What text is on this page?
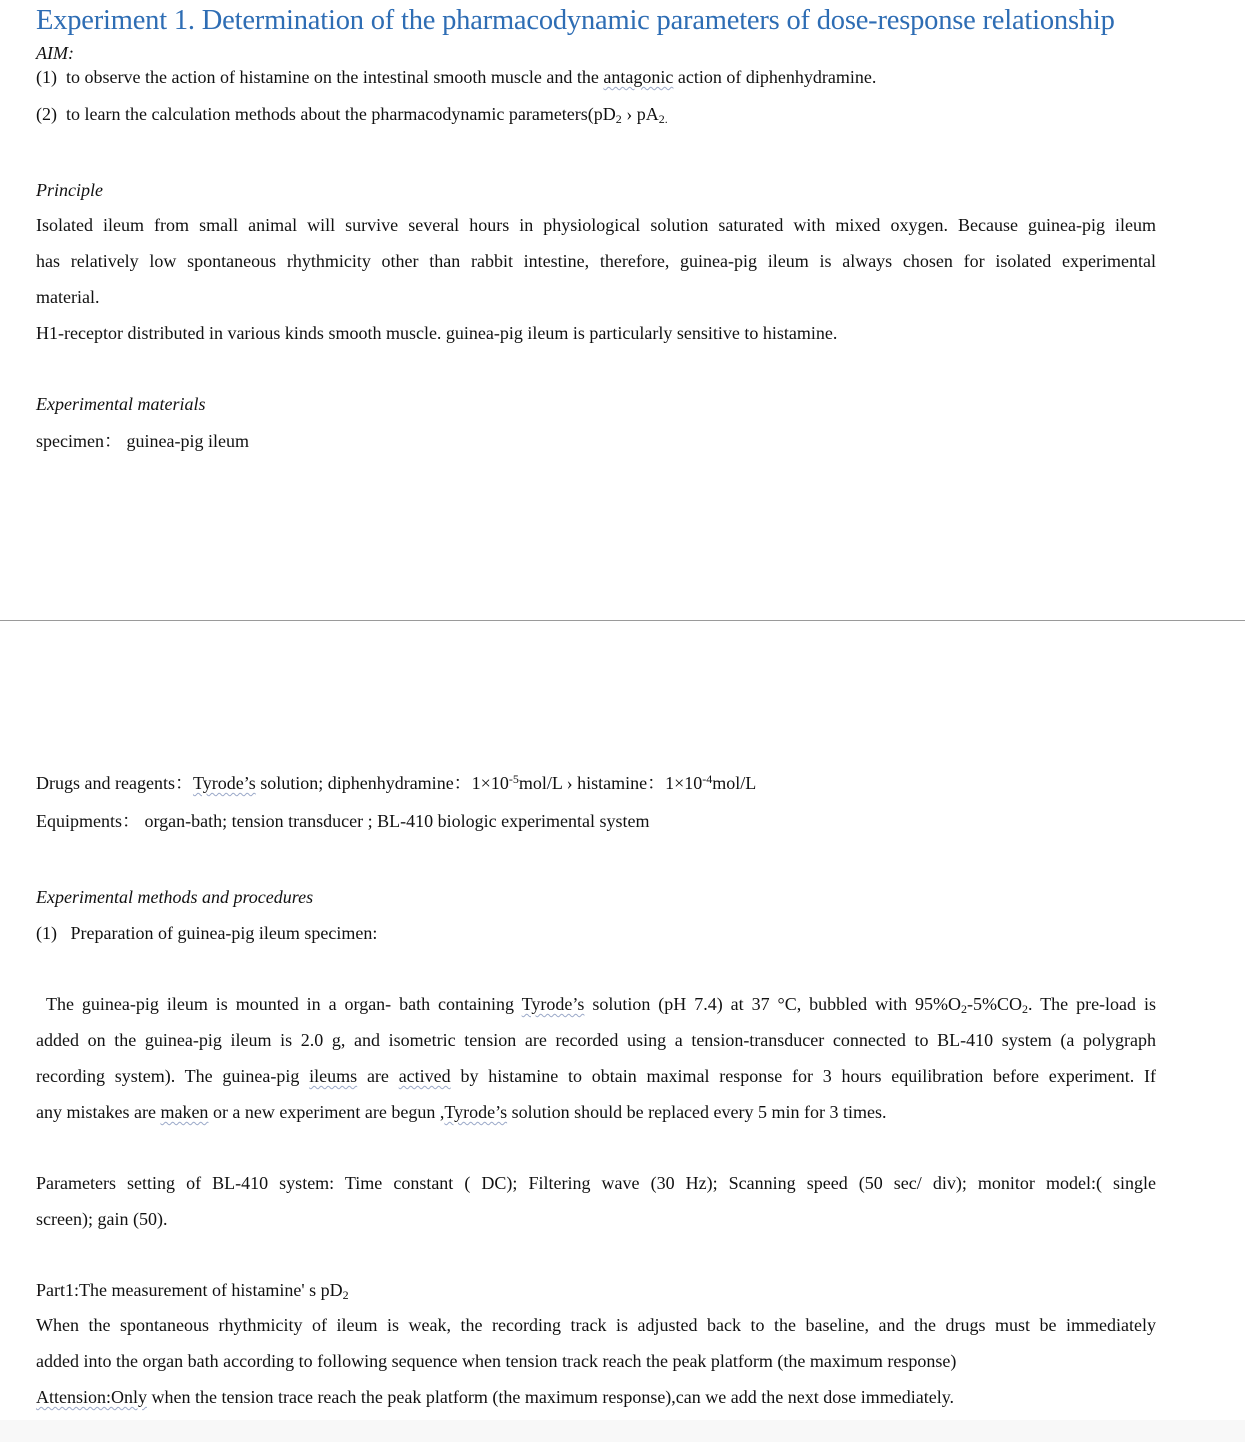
Experiment 1. Determination of the pharmacodynamic parameters of dose-response relationship
AIM:
(1) to observe the action of histamine on the intestinal smooth muscle and the antagonic action of diphenhydramine.
(2) to learn the calculation methods about the pharmacodynamic $parameters(pD_2$ › $pA_{2.}$
Principle
Isolated ileum from small animal will survive several hours in physiological solution saturated with mixed oxygen. Because guinea-pig ileum
has relatively low spontaneous rhythmicity other than rabbit intestine, therefore, guinea-pig ileum is always chosen for isolated experimental
material.
H1-receptor distributed in various kinds smooth muscle. guinea-pig ileum is particularly sensitive to histamine.
Experimental materials
specimen： guinea-pig ileum
Drugs and reagents：Tyrode’s solution; diphenhydramine：$1\times 10^{-5}mol/L$ › histamine：$1\times 10^{-4}mol/L$
Equipments： organ-bath; tension transducer ; BL-410 biologic experimental system
Experimental methods and procedures
(1)  Preparation of guinea-pig ileum specimen:
The guinea-pig ileum is mounted in a organ- bath containing Tyrode’s solution (pH 7.4) at 37 °C, bubbled with $95\%O_2-5\%CO_2$. The pre-load is
added on the guinea-pig ileum is 2.0 g, and isometric tension are recorded using a tension-transducer connected to BL-410 system (a polygraph
recording system). The guinea-pig ileums are actived by histamine to obtain maximal response for 3 hours equilibration before experiment. If
any mistakes are maken or a new experiment are begun ,Tyrode’s solution should be replaced every 5 min for 3 times.
Parameters setting of BL-410 system: Time constant ( DC); Filtering wave (30 Hz); Scanning speed (50 sec/ div); monitor model:( single
screen); gain (50).
Part1:The measurement of histamine' s $pD_2$
When the spontaneous rhythmicity of ileum is weak, the recording track is adjusted back to the baseline, and the drugs must be immediately
added into the organ bath according to following sequence when tension track reach the peak platform (the maximum response)
Attension:Only when the tension trace reach the peak platform (the maximum response),can we add the next dose immediately.
